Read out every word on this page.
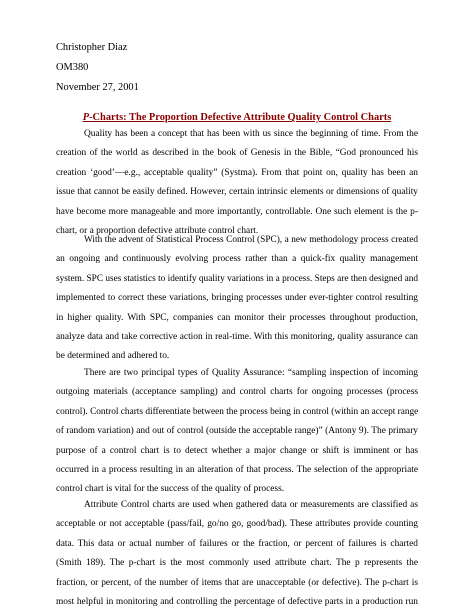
Christopher Diaz
OM380
November 27, 2001
P-Charts: The Proportion Defective Attribute Quality Control Charts
Quality has been a concept that has been with us since the beginning of time. From the
creation of the world as described in the book of Genesis in the Bible, “God pronounced his
creation ‘good’—e.g., acceptable quality” (Systma). From that point on, quality has been an
issue that cannot be easily defined. However, certain intrinsic elements or dimensions of quality
have become more manageable and more importantly, controllable. One such element is the p-
chart, or a proportion defective attribute control chart.
With the advent of Statistical Process Control (SPC), a new methodology process created
an ongoing and continuously evolving process rather than a quick-fix quality management
system. SPC uses statistics to identify quality variations in a process. Steps are then designed and
implemented to correct these variations, bringing processes under ever-tighter control resulting
in higher quality. With SPC, companies can monitor their processes throughout production,
analyze data and take corrective action in real-time. With this monitoring, quality assurance can
be determined and adhered to.
There are two principal types of Quality Assurance: “sampling inspection of incoming
outgoing materials (acceptance sampling) and control charts for ongoing processes (process
control). Control charts differentiate between the process being in control (within an accept range
of random variation) and out of control (outside the acceptable range)” (Antony 9). The primary
purpose of a control chart is to detect whether a major change or shift is imminent or has
occurred in a process resulting in an alteration of that process. The selection of the appropriate
control chart is vital for the success of the quality of process.
Attribute Control charts are used when gathered data or measurements are classified as
acceptable or not acceptable (pass/fail, go/no go, good/bad). These attributes provide counting
data. This data or actual number of failures or the fraction, or percent of failures is charted
(Smith 189). The p-chart is the most commonly used attribute chart. The p represents the
fraction, or percent, of the number of items that are unacceptable (or defective). The p-chart is
most helpful in monitoring and controlling the percentage of defective parts in a production run
